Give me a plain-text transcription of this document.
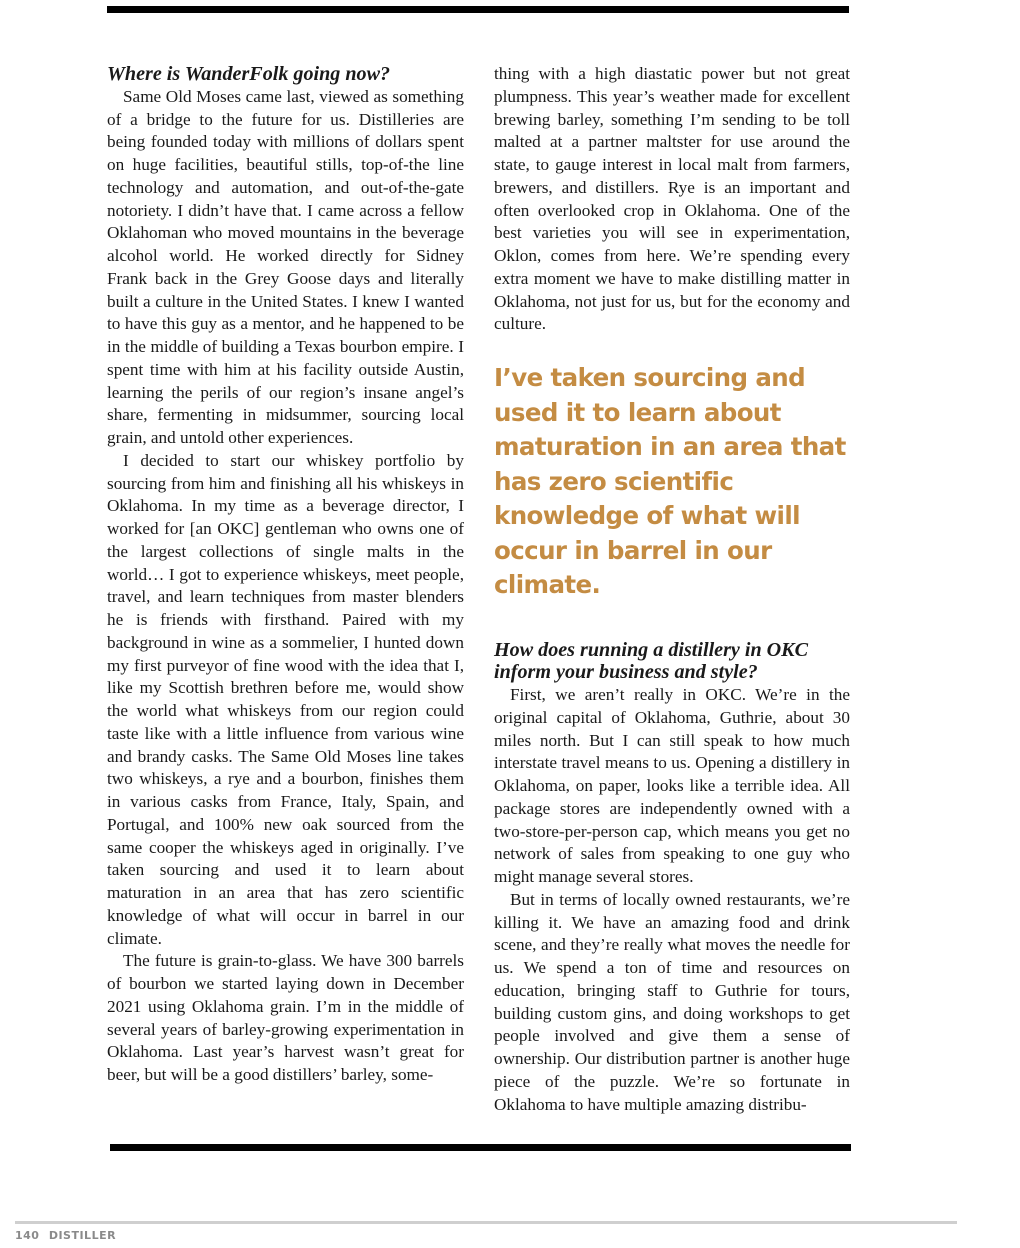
Where is WanderFolk going now?

Same Old Moses came last, viewed as something of a bridge to the future for us. Distilleries are being founded today with millions of dollars spent on huge facilities, beautiful stills, top-of-the line technology and automation, and out-of-the-gate notoriety. I didn’t have that. I came across a fellow Oklahoman who moved mountains in the beverage alcohol world. He worked directly for Sidney Frank back in the Grey Goose days and literally built a culture in the United States. I knew I wanted to have this guy as a mentor, and he happened to be in the middle of building a Texas bourbon empire. I spent time with him at his facility outside Austin, learning the perils of our region’s insane angel’s share, fermenting in midsummer, sourcing local grain, and untold other experiences.

I decided to start our whiskey portfolio by sourcing from him and finishing all his whiskeys in Oklahoma. In my time as a beverage director, I worked for [an OKC] gentleman who owns one of the largest collections of single malts in the world… I got to experience whiskeys, meet people, travel, and learn techniques from master blenders he is friends with firsthand. Paired with my background in wine as a sommelier, I hunted down my first purveyor of fine wood with the idea that I, like my Scottish brethren before me, would show the world what whiskeys from our region could taste like with a little influence from various wine and brandy casks. The Same Old Moses line takes two whiskeys, a rye and a bourbon, finishes them in various casks from France, Italy, Spain, and Portugal, and 100% new oak sourced from the same cooper the whiskeys aged in originally. I’ve taken sourcing and used it to learn about maturation in an area that has zero scientific knowledge of what will occur in barrel in our climate.

The future is grain-to-glass. We have 300 barrels of bourbon we started laying down in December 2021 using Oklahoma grain. I’m in the middle of several years of barley-growing experimentation in Oklahoma. Last year’s harvest wasn’t great for beer, but will be a good distillers’ barley, some-

thing with a high diastatic power but not great plumpness. This year’s weather made for excellent brewing barley, something I’m sending to be toll malted at a partner maltster for use around the state, to gauge interest in local malt from farmers, brewers, and distillers. Rye is an important and often overlooked crop in Oklahoma. One of the best varieties you will see in experimentation, Oklon, comes from here. We’re spending every extra moment we have to make distilling matter in Oklahoma, not just for us, but for the economy and culture.

I’ve taken sourcing and used it to learn about maturation in an area that has zero scientific knowledge of what will occur in barrel in our climate.
How does running a distillery in OKC inform your business and style?

First, we aren’t really in OKC. We’re in the original capital of Oklahoma, Guthrie, about 30 miles north. But I can still speak to how much interstate travel means to us. Opening a distillery in Oklahoma, on paper, looks like a terrible idea. All package stores are independently owned with a two-store-per-person cap, which means you get no network of sales from speaking to one guy who might manage several stores.

But in terms of locally owned restaurants, we’re killing it. We have an amazing food and drink scene, and they’re really what moves the needle for us. We spend a ton of time and resources on education, bringing staff to Guthrie for tours, building custom gins, and doing workshops to get people involved and give them a sense of ownership. Our distribution partner is another huge piece of the puzzle. We’re so fortunate in Oklahoma to have multiple amazing distribu-

140 DISTILLER
